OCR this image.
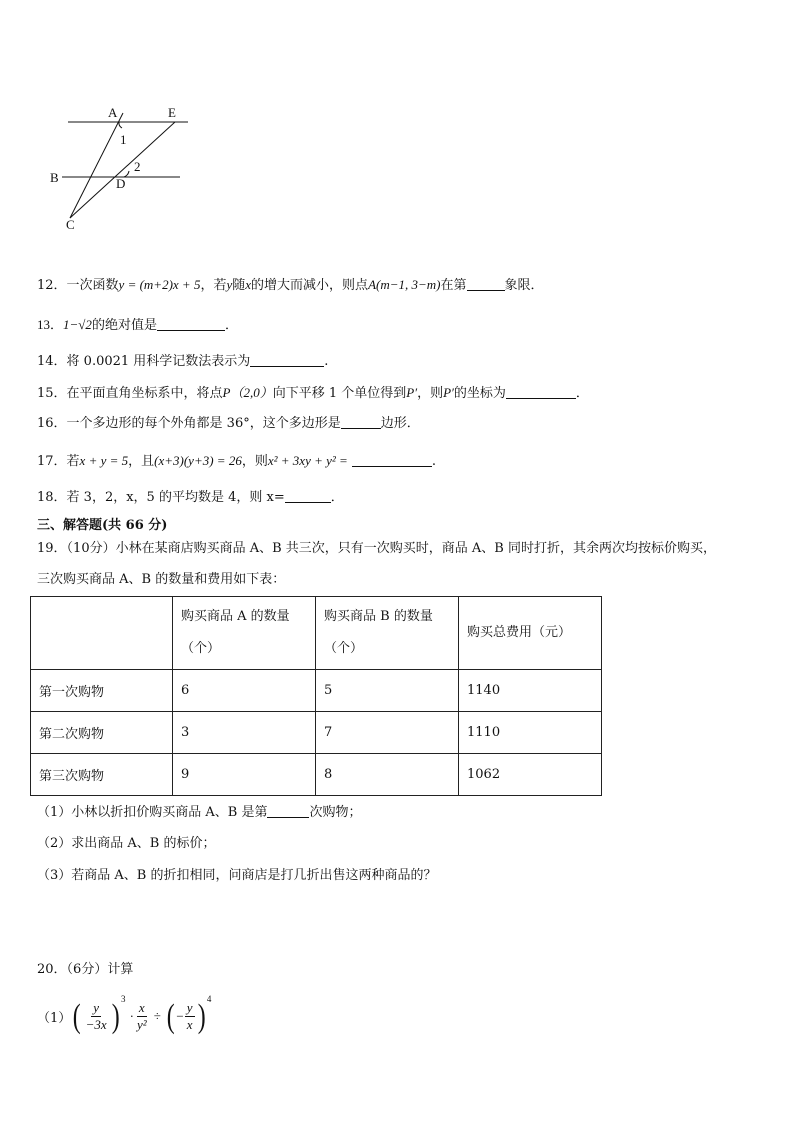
A	E
1
2
B	D
C
12．一次函数y = (m+2)x + 5，若y随x的增大而减小，则点A(m−1, 3−m)在第	象限．
13．1−√2的绝对值是	．
14．将 0.0021 用科学记数法表示为	.
15．在平面直角坐标系中，将点P（2,0）向下平移 1 个单位得到P′，则P′的坐标为	．
16．一个多边形的每个外角都是 36°，这个多边形是	边形．
17．若x + y = 5，且(x+3)(y+3) = 26，则x² + 3xy + y² =	.
18．若 3，2，x，5 的平均数是 4，则 x=	．
三、解答题(共 66 分)
19．（10分）小林在某商店购买商品 A、B 共三次，只有一次购买时，商品 A、B 同时打折，其余两次均按标价购买，
三次购买商品 A、B 的数量和费用如下表：
	购买商品 A 的数量（个）	购买商品 B 的数量（个）	购买总费用（元）
第一次购物	6	5	1140
第二次购物	3	7	1110
第三次购物	9	8	1062
（1）小林以折扣价购买商品 A、B 是第	次购物；
（2）求出商品 A、B 的标价；
（3）若商品 A、B 的折扣相同，问商店是打几折出售这两种商品的？
20．（6分）计算
$(1)( \frac{y}{-3x}$ ) $^3 \cdot \frac{x}{\text{y²}}$ ÷ ( − $\frac{y}{x}$ ) $^4$
